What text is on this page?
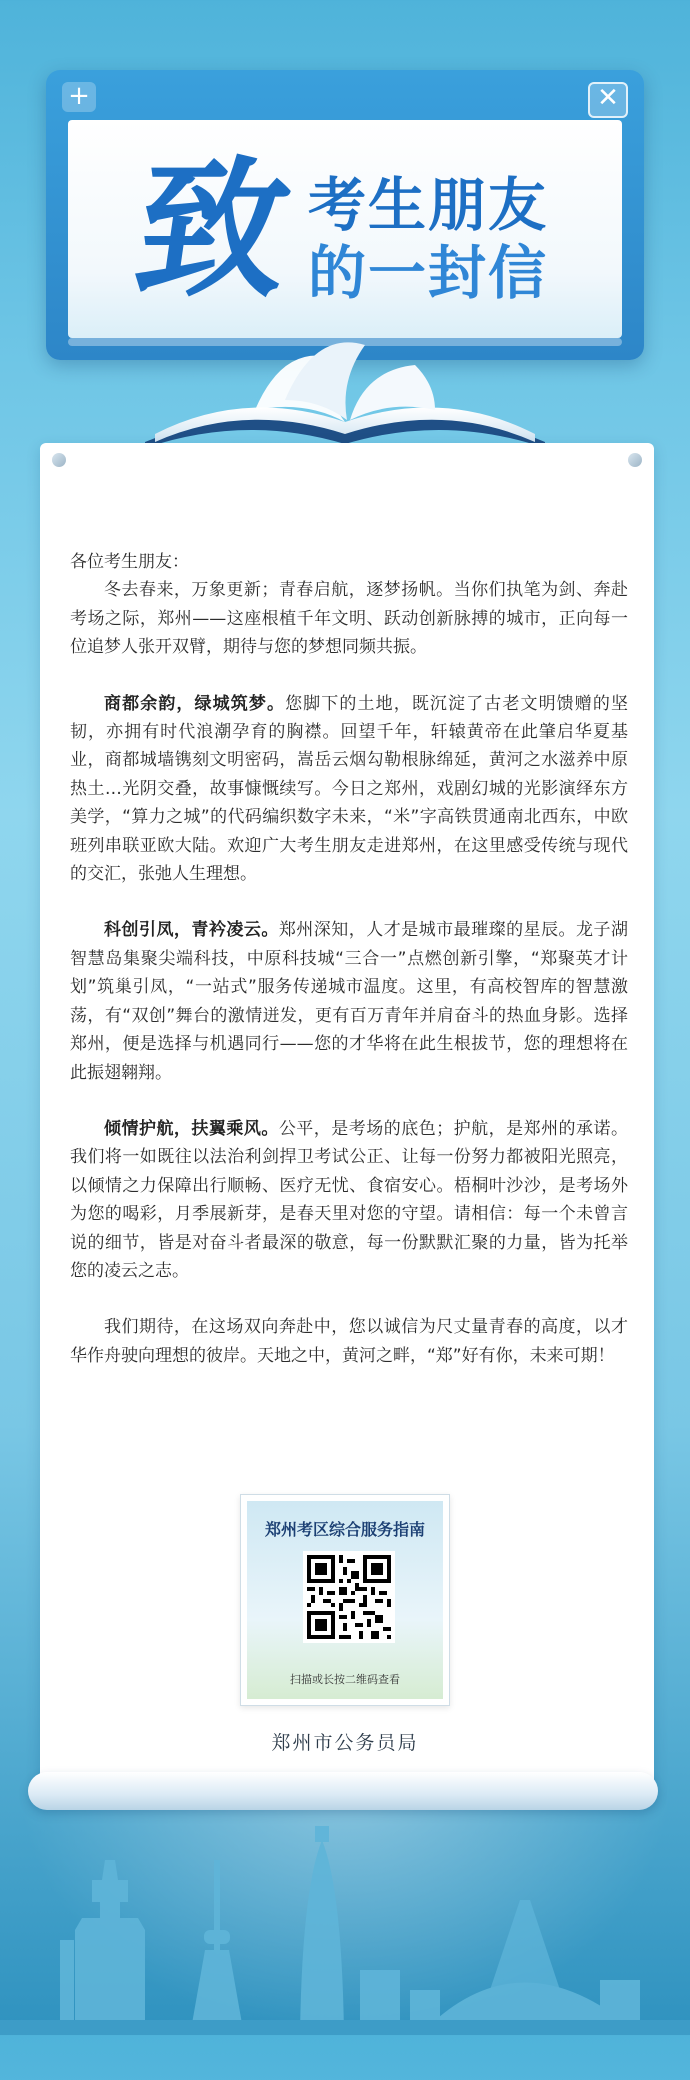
+	✕
致 考生朋友
的一封信

各位考生朋友：

冬去春来，万象更新；青春启航，逐梦扬帆。当你们执笔为剑、奔赴考场之际，郑州——这座根植千年文明、跃动创新脉搏的城市，正向每一位追梦人张开双臂，期待与您的梦想同频共振。

商都余韵，绿城筑梦。您脚下的土地，既沉淀了古老文明馈赠的坚韧，亦拥有时代浪潮孕育的胸襟。回望千年，轩辕黄帝在此肇启华夏基业，商都城墙镌刻文明密码，嵩岳云烟勾勒根脉绵延，黄河之水滋养中原热土…光阴交叠，故事慷慨续写。今日之郑州，戏剧幻城的光影演绎东方美学，“算力之城”的代码编织数字未来，“米”字高铁贯通南北西东，中欧班列串联亚欧大陆。欢迎广大考生朋友走进郑州，在这里感受传统与现代的交汇，张弛人生理想。

科创引凤，青衿凌云。郑州深知，人才是城市最璀璨的星辰。龙子湖智慧岛集聚尖端科技，中原科技城“三合一”点燃创新引擎，“郑聚英才计划”筑巢引凤，“一站式”服务传递城市温度。这里，有高校智库的智慧激荡，有“双创”舞台的激情迸发，更有百万青年并肩奋斗的热血身影。选择郑州，便是选择与机遇同行——您的才华将在此生根拔节，您的理想将在此振翅翱翔。

倾情护航，扶翼乘风。公平，是考场的底色；护航，是郑州的承诺。我们将一如既往以法治利剑捍卫考试公正、让每一份努力都被阳光照亮，以倾情之力保障出行顺畅、医疗无忧、食宿安心。梧桐叶沙沙，是考场外为您的喝彩，月季展新芽，是春天里对您的守望。请相信：每一个未曾言说的细节，皆是对奋斗者最深的敬意，每一份默默汇聚的力量，皆为托举您的凌云之志。

我们期待，在这场双向奔赴中，您以诚信为尺丈量青春的高度，以才华作舟驶向理想的彼岸。天地之中，黄河之畔，“郑”好有你，未来可期！

郑州考区综合服务指南
扫描或长按二维码查看
郑州市公务员局
